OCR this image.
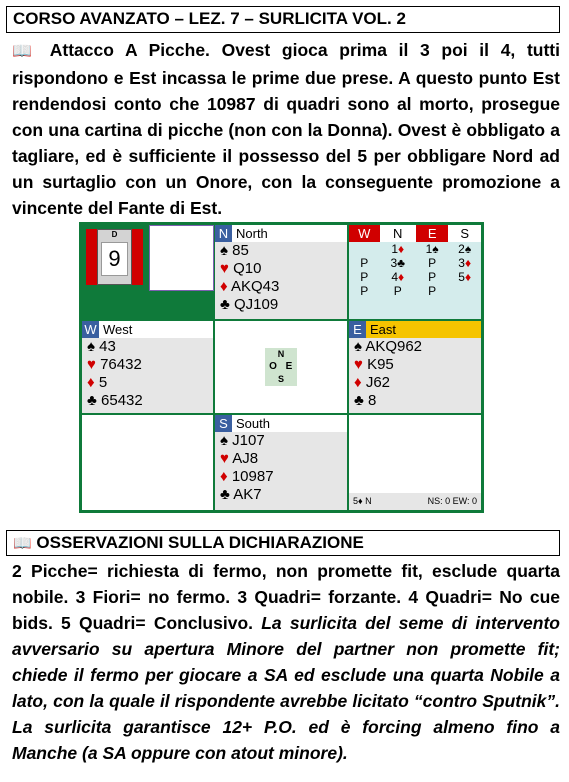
CORSO AVANZATO – LEZ. 7 – SURLICITA VOL. 2
📖 Attacco A Picche. Ovest gioca prima il 3 poi il 4, tutti rispondono e Est incassa le prime due prese. A questo punto Est rendendosi conto che 10987 di quadri sono al morto, prosegue con una cartina di picche (non con la Donna). Ovest è obbligato a tagliare, ed è sufficiente il possesso del 5 per obbligare Nord ad un surtaglio con un Onore, con la conseguente promozione a vincente del Fante di Est.
D
9
N North
♠ 85
♥ Q10
♦ AKQ43
♣ QJ109
W	N	E	S
	1♦	1♠	2♠
P	3♣	P	3♦
P	4♦	P	5♦
P	P	P	
W West
♠ 43
♥ 76432
♦ 5
♣ 65432
N
O E
S
E East
♠ AKQ962
♥ K95
♦ J62
♣ 8
S South
♠ J107
♥ AJ8
♦ 10987
♣ AK7	5♦ N	NS: 0 EW: 0
📖 OSSERVAZIONI SULLA DICHIARAZIONE
2 Picche= richiesta di fermo, non promette fit, esclude quarta nobile. 3 Fiori= no fermo. 3 Quadri= forzante. 4 Quadri= No cue bids. 5 Quadri= Conclusivo. La surlicita del seme di intervento avversario su apertura Minore del partner non promette fit; chiede il fermo per giocare a SA ed esclude una quarta Nobile a lato, con la quale il rispondente avrebbe licitato “contro Sputnik”. La surlicita garantisce 12+ P.O. ed è forcing almeno fino a Manche (a SA oppure con atout minore).
